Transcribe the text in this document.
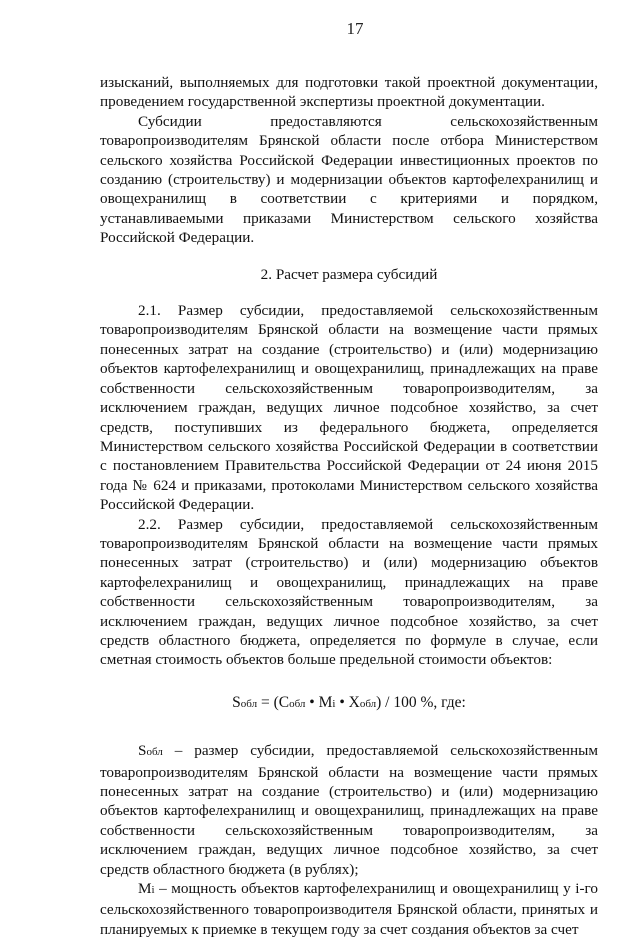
17

изысканий, выполняемых для подготовки такой проектной документации, проведением государственной экспертизы проектной документации.

Субсидии предоставляются сельскохозяйственным товаропроизводителям Брянской области после отбора Министерством сельского хозяйства Российской Федерации инвестиционных проектов по созданию (строительству) и модернизации объектов картофелехранилищ и овощехранилищ в соответствии с критериями и порядком, устанавливаемыми приказами Министерством сельского хозяйства Российской Федерации.

2. Расчет размера субсидий

2.1. Размер субсидии, предоставляемой сельскохозяйственным товаропроизводителям Брянской области на возмещение части прямых понесенных затрат на создание (строительство) и (или) модернизацию объектов картофелехранилищ и овощехранилищ, принадлежащих на праве собственности сельскохозяйственным товаропроизводителям, за исключением граждан, ведущих личное подсобное хозяйство, за счет средств, поступивших из федерального бюджета, определяется Министерством сельского хозяйства Российской Федерации в соответствии с постановлением Правительства Российской Федерации от 24 июня 2015 года № 624 и приказами, протоколами Министерством сельского хозяйства Российской Федерации.

2.2. Размер субсидии, предоставляемой сельскохозяйственным товаропроизводителям Брянской области на возмещение части прямых понесенных затрат (строительство) и (или) модернизацию объектов картофелехранилищ и овощехранилищ, принадлежащих на праве собственности сельскохозяйственным товаропроизводителям, за исключением граждан, ведущих личное подсобное хозяйство, за счет средств областного бюджета, определяется по формуле в случае, если сметная стоимость объектов больше предельной стоимости объектов:

Sобл = (Собл • Mi • Xобл) / 100 %, где:

Sобл – размер субсидии, предоставляемой сельскохозяйственным товаропроизводителям Брянской области на возмещение части прямых понесенных затрат на создание (строительство) и (или) модернизацию объектов картофелехранилищ и овощехранилищ, принадлежащих на праве собственности сельскохозяйственным товаропроизводителям, за исключением граждан, ведущих личное подсобное хозяйство, за счет средств областного бюджета (в рублях);

Mi – мощность объектов картофелехранилищ и овощехранилищ у i-го сельскохозяйственного товаропроизводителя Брянской области, принятых и планируемых к приемке в текущем году за счет создания объектов за счет
